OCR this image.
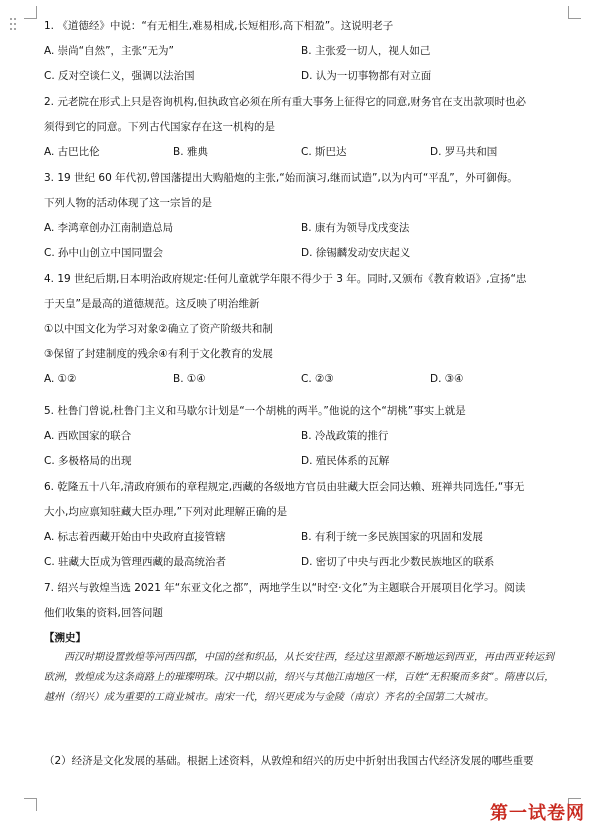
1. 《道德经》中说：“有无相生,难易相成,长短相形,高下相盈”。这说明老子
A. 崇尚“自然”，主张“无为”	B. 主张爱一切人，视人如己
C. 反对空谈仁义，强调以法治国	D. 认为一切事物都有对立面
2. 元老院在形式上只是咨询机构,但执政官必须在所有重大事务上征得它的同意,财务官在支出款项时也必
须得到它的同意。下列古代国家存在这一机构的是
A. 古巴比伦	B. 雅典	C. 斯巴达	D. 罗马共和国
3. 19 世纪 60 年代初,曾国藩提出大购船炮的主张,“始而演习,继而试造”,以为内可“平乱”，外可御侮。
下列人物的活动体现了这一宗旨的是
A. 李鸿章创办江南制造总局	B. 康有为领导戊戌变法
C. 孙中山创立中国同盟会	D. 徐锡麟发动安庆起义
4. 19 世纪后期,日本明治政府规定:任何儿童就学年限不得少于 3 年。同时,又颁布《教育敕语》,宣扬“忠
于天皇”是最高的道德规范。这反映了明治维新
①以中国文化为学习对象②确立了资产阶级共和制
③保留了封建制度的残余④有利于文化教育的发展
A. ①②	B. ①④	C. ②③	D. ③④
5. 杜鲁门曾说,杜鲁门主义和马歇尔计划是“一个胡桃的两半。”他说的这个“胡桃”事实上就是
A. 西欧国家的联合	B. 冷战政策的推行
C. 多极格局的出现	D. 殖民体系的瓦解
6. 乾隆五十八年,清政府颁布的章程规定,西藏的各级地方官员由驻藏大臣会同达赖、班禅共同选任,“事无
大小,均应禀知驻藏大臣办理,”下列对此理解正确的是
A. 标志着西藏开始由中央政府直接管辖	B. 有利于统一多民族国家的巩固和发展
C. 驻藏大臣成为管理西藏的最高统治者	D. 密切了中央与西北少数民族地区的联系
7. 绍兴与敦煌当选 2021 年“东亚文化之都”，两地学生以“时空·文化”为主题联合开展项目化学习。阅读
他们收集的资料,回答问题
【溯史】
西汉时期设置敦煌等河西四郡，中国的丝和织品，从长安往西，经过这里源源不断地运到西亚，再由西亚转运到欧洲，敦煌成为这条商路上的璀璨明珠。汉中期以前，绍兴与其他江南地区一样，百姓“无积聚而多贫”。隋唐以后，越州（绍兴）成为重要的工商业城市。南宋一代，绍兴更成为与金陵（南京）齐名的全国第二大城市。
（2）经济是文化发展的基础。根据上述资料，从敦煌和绍兴的历史中折射出我国古代经济发展的哪些重要
第一试卷网
